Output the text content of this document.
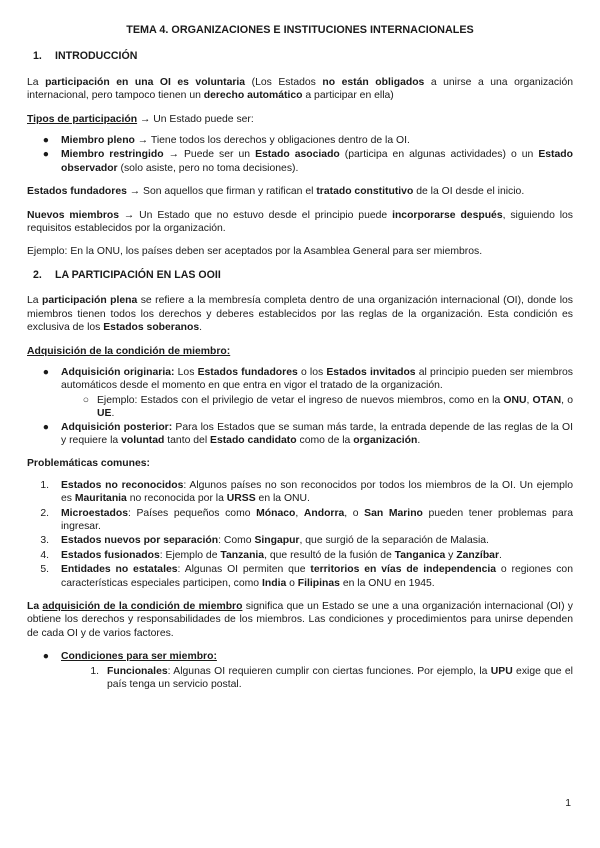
TEMA 4. ORGANIZACIONES E INSTITUCIONES INTERNACIONALES
1.	INTRODUCCIÓN

La participación en una OI es voluntaria (Los Estados no están obligados a unirse a una organización internacional, pero tampoco tienen un derecho automático a participar en ella)

Tipos de participación → Un Estado puede ser:
●	Miembro pleno → Tiene todos los derechos y obligaciones dentro de la OI.
●	Miembro restringido → Puede ser un Estado asociado (participa en algunas actividades) o un Estado observador (solo asiste, pero no toma decisiones).

Estados fundadores → Son aquellos que firman y ratifican el tratado constitutivo de la OI desde el inicio.

Nuevos miembros → Un Estado que no estuvo desde el principio puede incorporarse después, siguiendo los requisitos establecidos por la organización.

Ejemplo: En la ONU, los países deben ser aceptados por la Asamblea General para ser miembros.

2.	LA PARTICIPACIÓN EN LAS OOII

La participación plena se refiere a la membresía completa dentro de una organización internacional (OI), donde los miembros tienen todos los derechos y deberes establecidos por las reglas de la organización. Esta condición es exclusiva de los Estados soberanos.

Adquisición de la condición de miembro:
●	Adquisición originaria: Los Estados fundadores o los Estados invitados al principio pueden ser miembros automáticos desde el momento en que entra en vigor el tratado de la organización.
○ Ejemplo: Estados con el privilegio de vetar el ingreso de nuevos miembros, como en la ONU, OTAN, o UE.
●	Adquisición posterior: Para los Estados que se suman más tarde, la entrada depende de las reglas de la OI y requiere la voluntad tanto del Estado candidato como de la organización.
Problemáticas comunes:
1.	Estados no reconocidos: Algunos países no son reconocidos por todos los miembros de la OI. Un ejemplo es Mauritania no reconocida por la URSS en la ONU.
2.	Microestados: Países pequeños como Mónaco, Andorra, o San Marino pueden tener problemas para ingresar.
3.	Estados nuevos por separación: Como Singapur, que surgió de la separación de Malasia.
4.	Estados fusionados: Ejemplo de Tanzania, que resultó de la fusión de Tanganica y Zanzíbar.
5.	Entidades no estatales: Algunas OI permiten que territorios en vías de independencia o regiones con características especiales participen, como India o Filipinas en la ONU en 1945.

La adquisición de la condición de miembro significa que un Estado se une a una organización internacional (OI) y obtiene los derechos y responsabilidades de los miembros. Las condiciones y procedimientos para unirse dependen de cada OI y de varios factores.

●	Condiciones para ser miembro:
1. Funcionales: Algunas OI requieren cumplir con ciertas funciones. Por ejemplo, la UPU exige que el país tenga un servicio postal.
1
